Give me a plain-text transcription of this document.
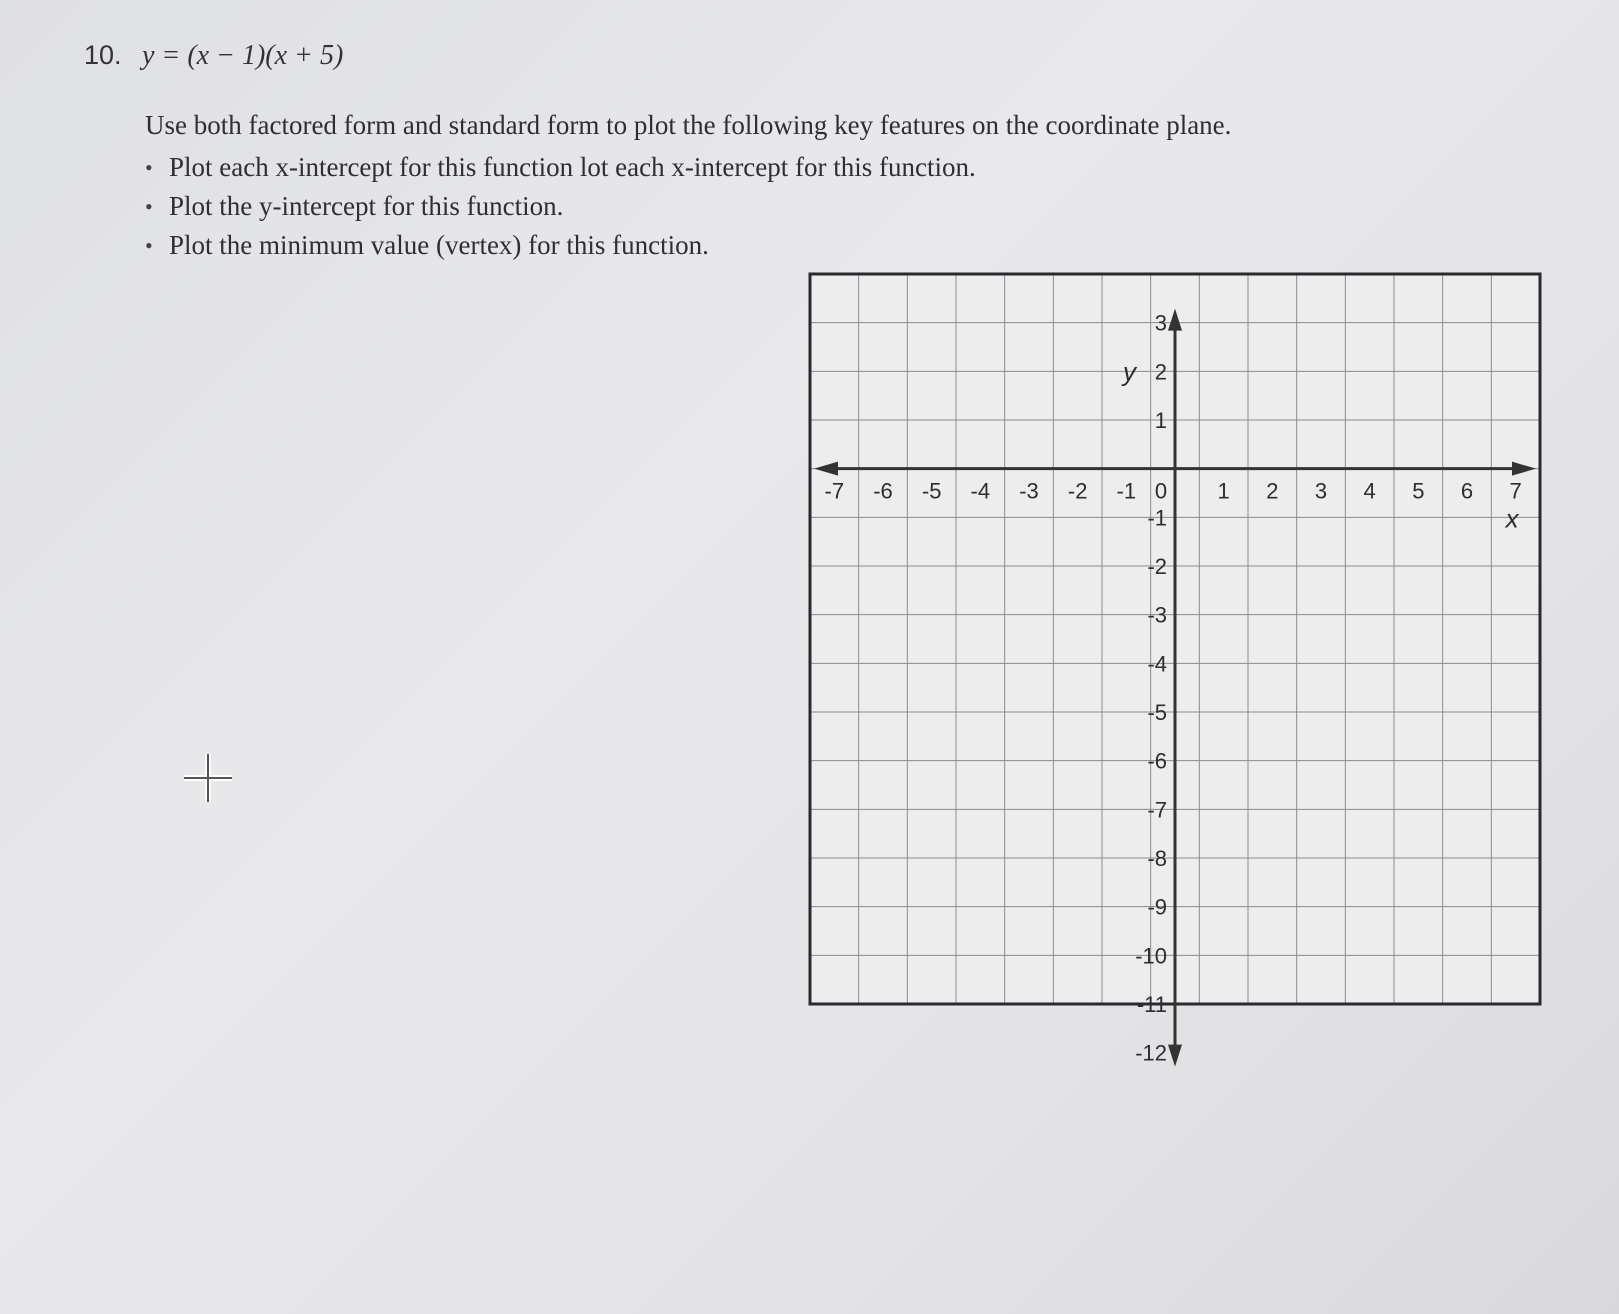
10. y = (x − 1)(x + 5)

Use both factored form and standard form to plot the following key features on the coordinate plane.

• Plot each x-intercept for this function lot each x-intercept for this function.
• Plot the y-intercept for this function.
• Plot the minimum value (vertex) for this function.
-7 -6 -5 -4 -3 -2 -1 0 1 2 3 4 5 6 7
3
2
1
-1
-2
-3
-4
-5
-6
-7
-8
-9
-10
-11
-12
y
x
